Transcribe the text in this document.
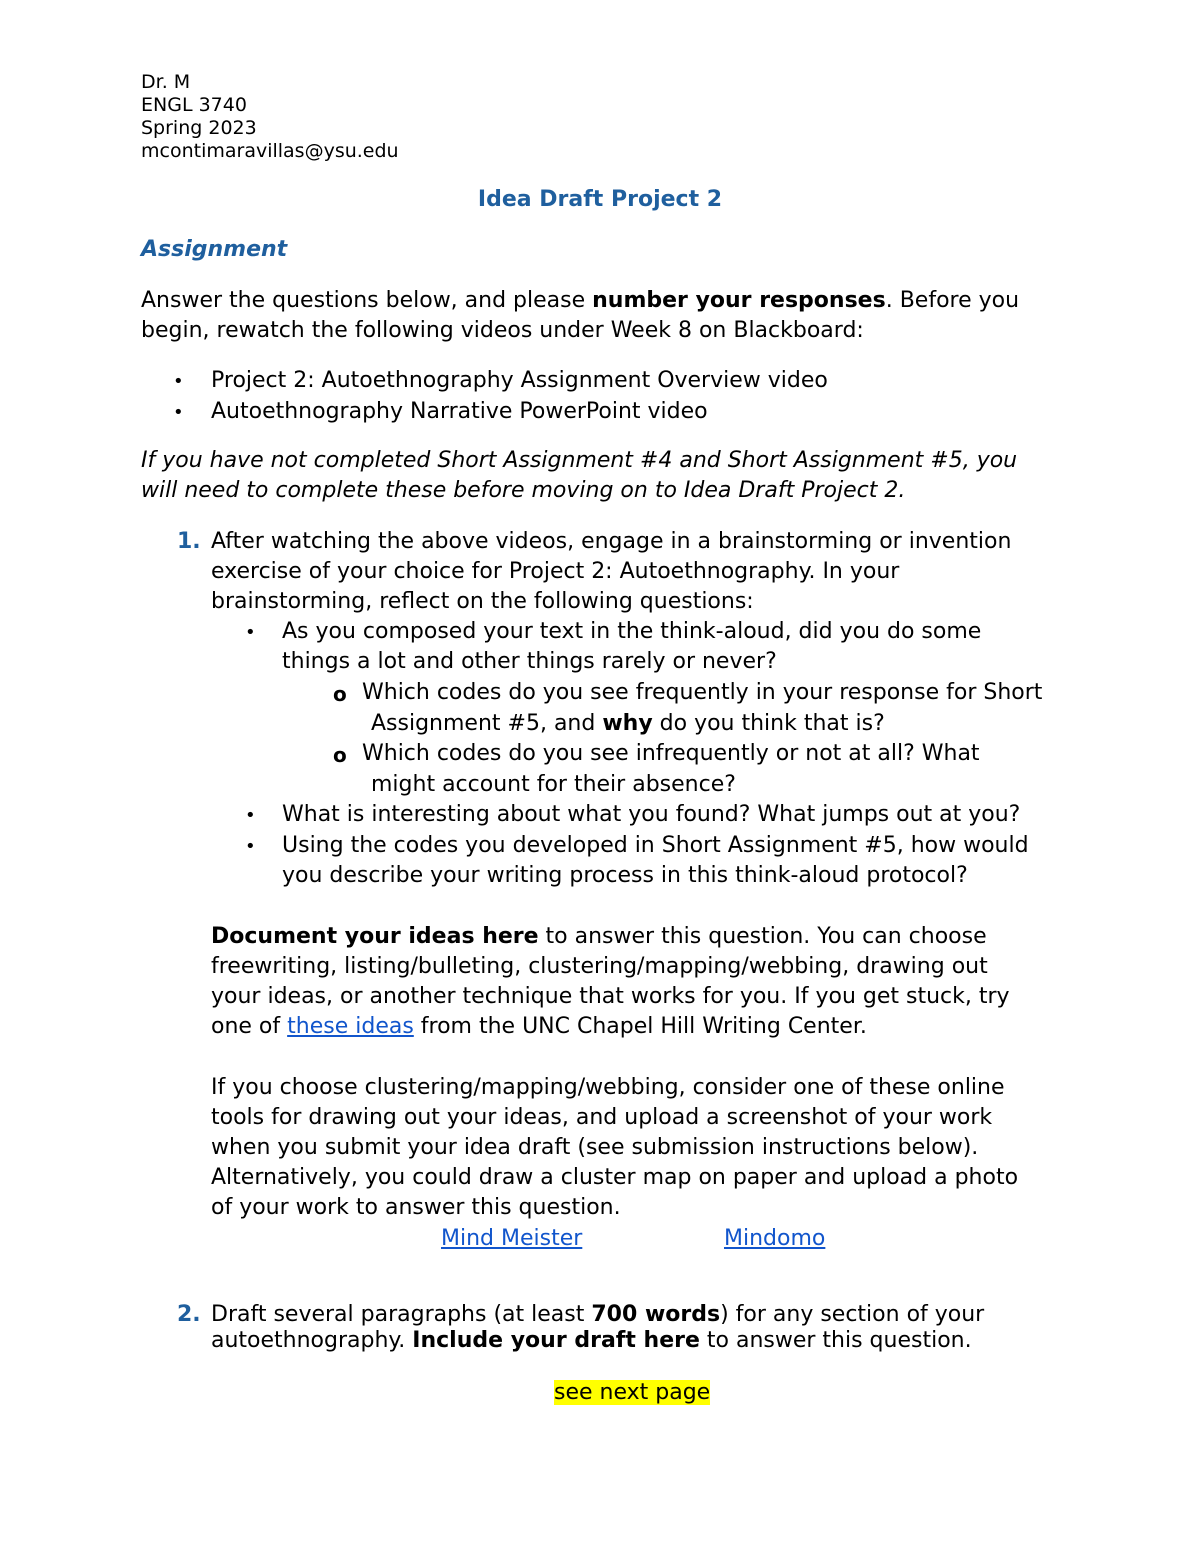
Dr. M
ENGL 3740
Spring 2023
mcontimaravillas@ysu.edu
Idea Draft Project 2
Assignment
Answer the questions below, and please number your responses. Before you
begin, rewatch the following videos under Week 8 on Blackboard:
• Project 2: Autoethnography Assignment Overview video
• Autoethnography Narrative PowerPoint video
If you have not completed Short Assignment #4 and Short Assignment #5, you
will need to complete these before moving on to Idea Draft Project 2.
1. After watching the above videos, engage in a brainstorming or invention
exercise of your choice for Project 2: Autoethnography. In your
brainstorming, reflect on the following questions:
• As you composed your text in the think-aloud, did you do some
things a lot and other things rarely or never?
o Which codes do you see frequently in your response for Short
Assignment #5, and why do you think that is?
o Which codes do you see infrequently or not at all? What
might account for their absence?
• What is interesting about what you found? What jumps out at you?
• Using the codes you developed in Short Assignment #5, how would
you describe your writing process in this think-aloud protocol?
Document your ideas here to answer this question. You can choose
freewriting, listing/bulleting, clustering/mapping/webbing, drawing out
your ideas, or another technique that works for you. If you get stuck, try
one of these ideas from the UNC Chapel Hill Writing Center.
If you choose clustering/mapping/webbing, consider one of these online
tools for drawing out your ideas, and upload a screenshot of your work
when you submit your idea draft (see submission instructions below).
Alternatively, you could draw a cluster map on paper and upload a photo
of your work to answer this question.
Mind Meister	Mindomo
2. Draft several paragraphs (at least 700 words) for any section of your
autoethnography. Include your draft here to answer this question.
see next page
